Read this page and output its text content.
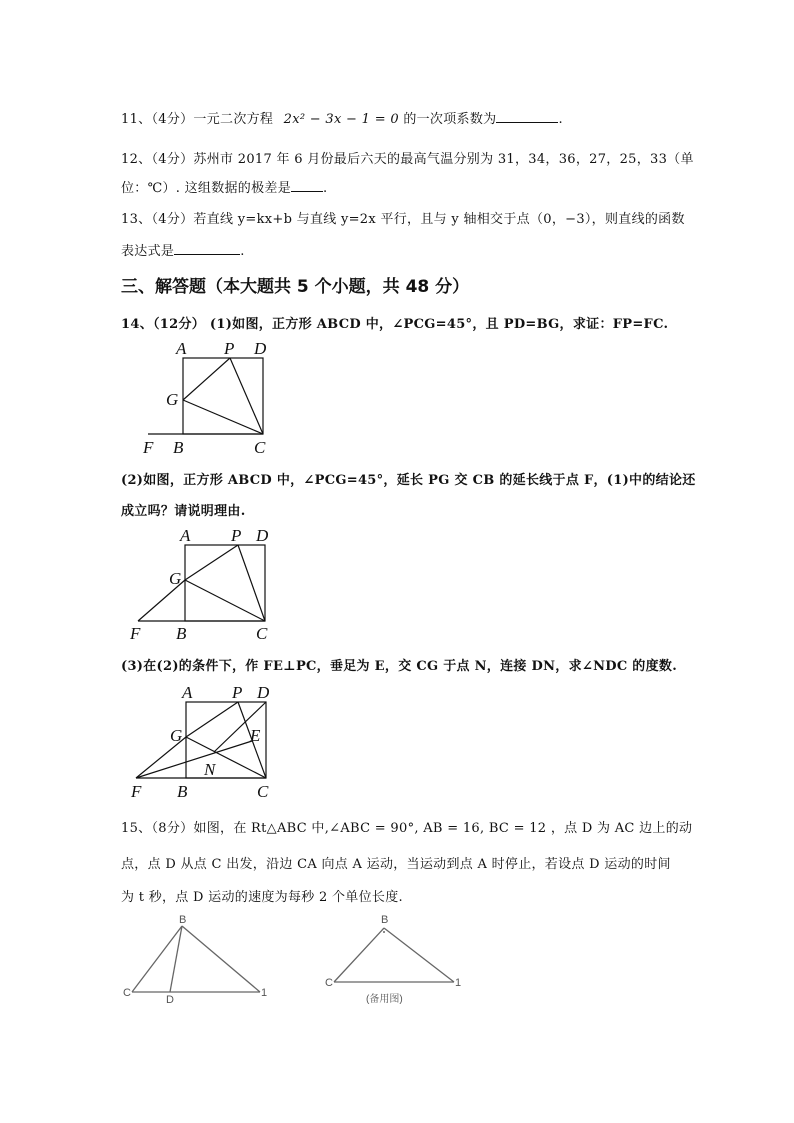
11、（4分）一元二次方程 2x² − 3x − 1 = 0 的一次项系数为	.
12、（4分）苏州市 2017 年 6 月份最后六天的最高气温分别为 31，34，36，27，25，33（单
位：℃）. 这组数据的极差是 .
13、（4分）若直线 y=kx+b 与直线 y=2x 平行，且与 y 轴相交于点（0，−3），则直线的函数
表达式是	.
三、解答题（本大题共 5 个小题，共 48 分）
14、（12分） (1)如图，正方形 ABCD 中，∠PCG=45°，且 PD=BG，求证：FP=FC.
A P D
G
F B	C
(2)如图，正方形 ABCD 中，∠PCG=45°，延长 PG 交 CB 的延长线于点 F，(1)中的结论还
成立吗？请说明理由.
A P D
G
F B	C
(3)在(2)的条件下，作 FE⊥PC，垂足为 E，交 CG 于点 N，连接 DN，求∠NDC 的度数.
A P D
G	E
N
F B	C
15、（8分）如图，在 Rt△ABC 中,∠ABC = 90°, AB = 16, BC = 12 ，点 D 为 AC 边上的动
点，点 D 从点 C 出发，沿边 CA 向点 A 运动，当运动到点 A 时停止，若设点 D 运动的时间
为 t 秒，点 D 运动的速度为每秒 2 个单位长度.
B
C
D
1
B
C	1
(备用图)
